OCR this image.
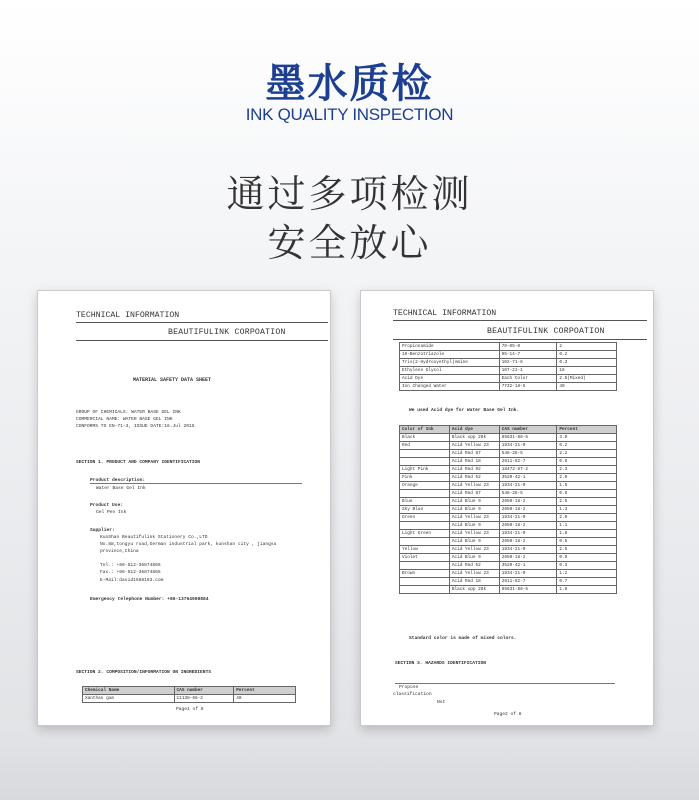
墨水质检
INK QUALITY INSPECTION
通过多项检测
安全放心
TECHNICAL INFORMATION
BEAUTIFULINK CORPOATION
MATERIAL SAFETY DATA SHEET
GROUP OF CHEMICALS: WATER BASE GEL INK
COMMERCIAL NAME: WATER BASE GEL INK
CONFORMS TO EN-71-3, ISSUE DATE:16.Jul 2015
SECTION 1. PRODUCT AND COMPANY IDENTIFICATION
Product description:
Water Base Gel Ink
Product Use:
Gel Pen Ink
Supplier:
KunShan Beautifulink Stationery Co.,LTD
No.88,tongyu road,German industrial park, kunshan city , jiangsu
province,China
Tel.: +86-512-36874865
Fax.: +86-512-36874865
E-Mail:david1588163.com
Emergency telephone Number: +86-13764908884
SECTION 2. COMPOSITION/INFORMATION ON INGREDIENTS
Chemical Name	CAS number	Percent
Xanthan gum	11138-66-2	40
Page1 of 8
TECHNICAL INFORMATION
BEAUTIFULINK CORPOATION
Propionamide	79-05-0	2
1H-Benzotriazole	95-14-7	0.2
Tris(2-Hydroxyethyl)Amine	102-71-6	0.3
Ethylene Glycol	107-21-1	18
Acid Dye	Each Color	2.5(Mixed)
Ion Changed Water	7732-18-5	40
We used Acid dye for Water Base Gel Ink.
Color of Ink	Acid dye	CAS number	Percent
Black	Black spp 29k	85631-88-5	3.0
Red	Acid Yellow 23	1934-21-0	0.2
	Acid Red 87	548-26-5	2.2
	Acid Red 18	2611-82-7	0.6
Light Pink	Acid Red 92	18472-87-2	2.3
Pink	Acid Red 52	3520-42-1	2.0
Orange	Acid Yellow 23	1934-21-0	1.5
	Acid Red 87	548-26-5	0.6
Blue	Acid Blue 9	2650-18-2	2.5
Sky Blue	Acid Blue 9	2650-18-2	1.3
Green	Acid Yellow 23	1934-21-0	2.0
	Acid Blue 9	2650-18-2	1.1
Light Green	Acid Yellow 23	1934-21-0	1.6
	Acid Blue 9	2650-18-2	0.5
Yellow	Acid Yellow 23	1934-21-0	2.5
Violet	Acid Blue 9	2650-18-2	0.9
	Acid Red 52	3520-42-1	0.3
Brown	Acid Yellow 23	1934-21-0	1.2
	Acid Red 18	2611-82-7	0.7
	Black spp 29k	85631-88-5	1.9
Standard color is made of mixed colors.
SECTION 3. HAZARDS IDENTIFICATION
Propose
classification
Not
Page2 of 8
